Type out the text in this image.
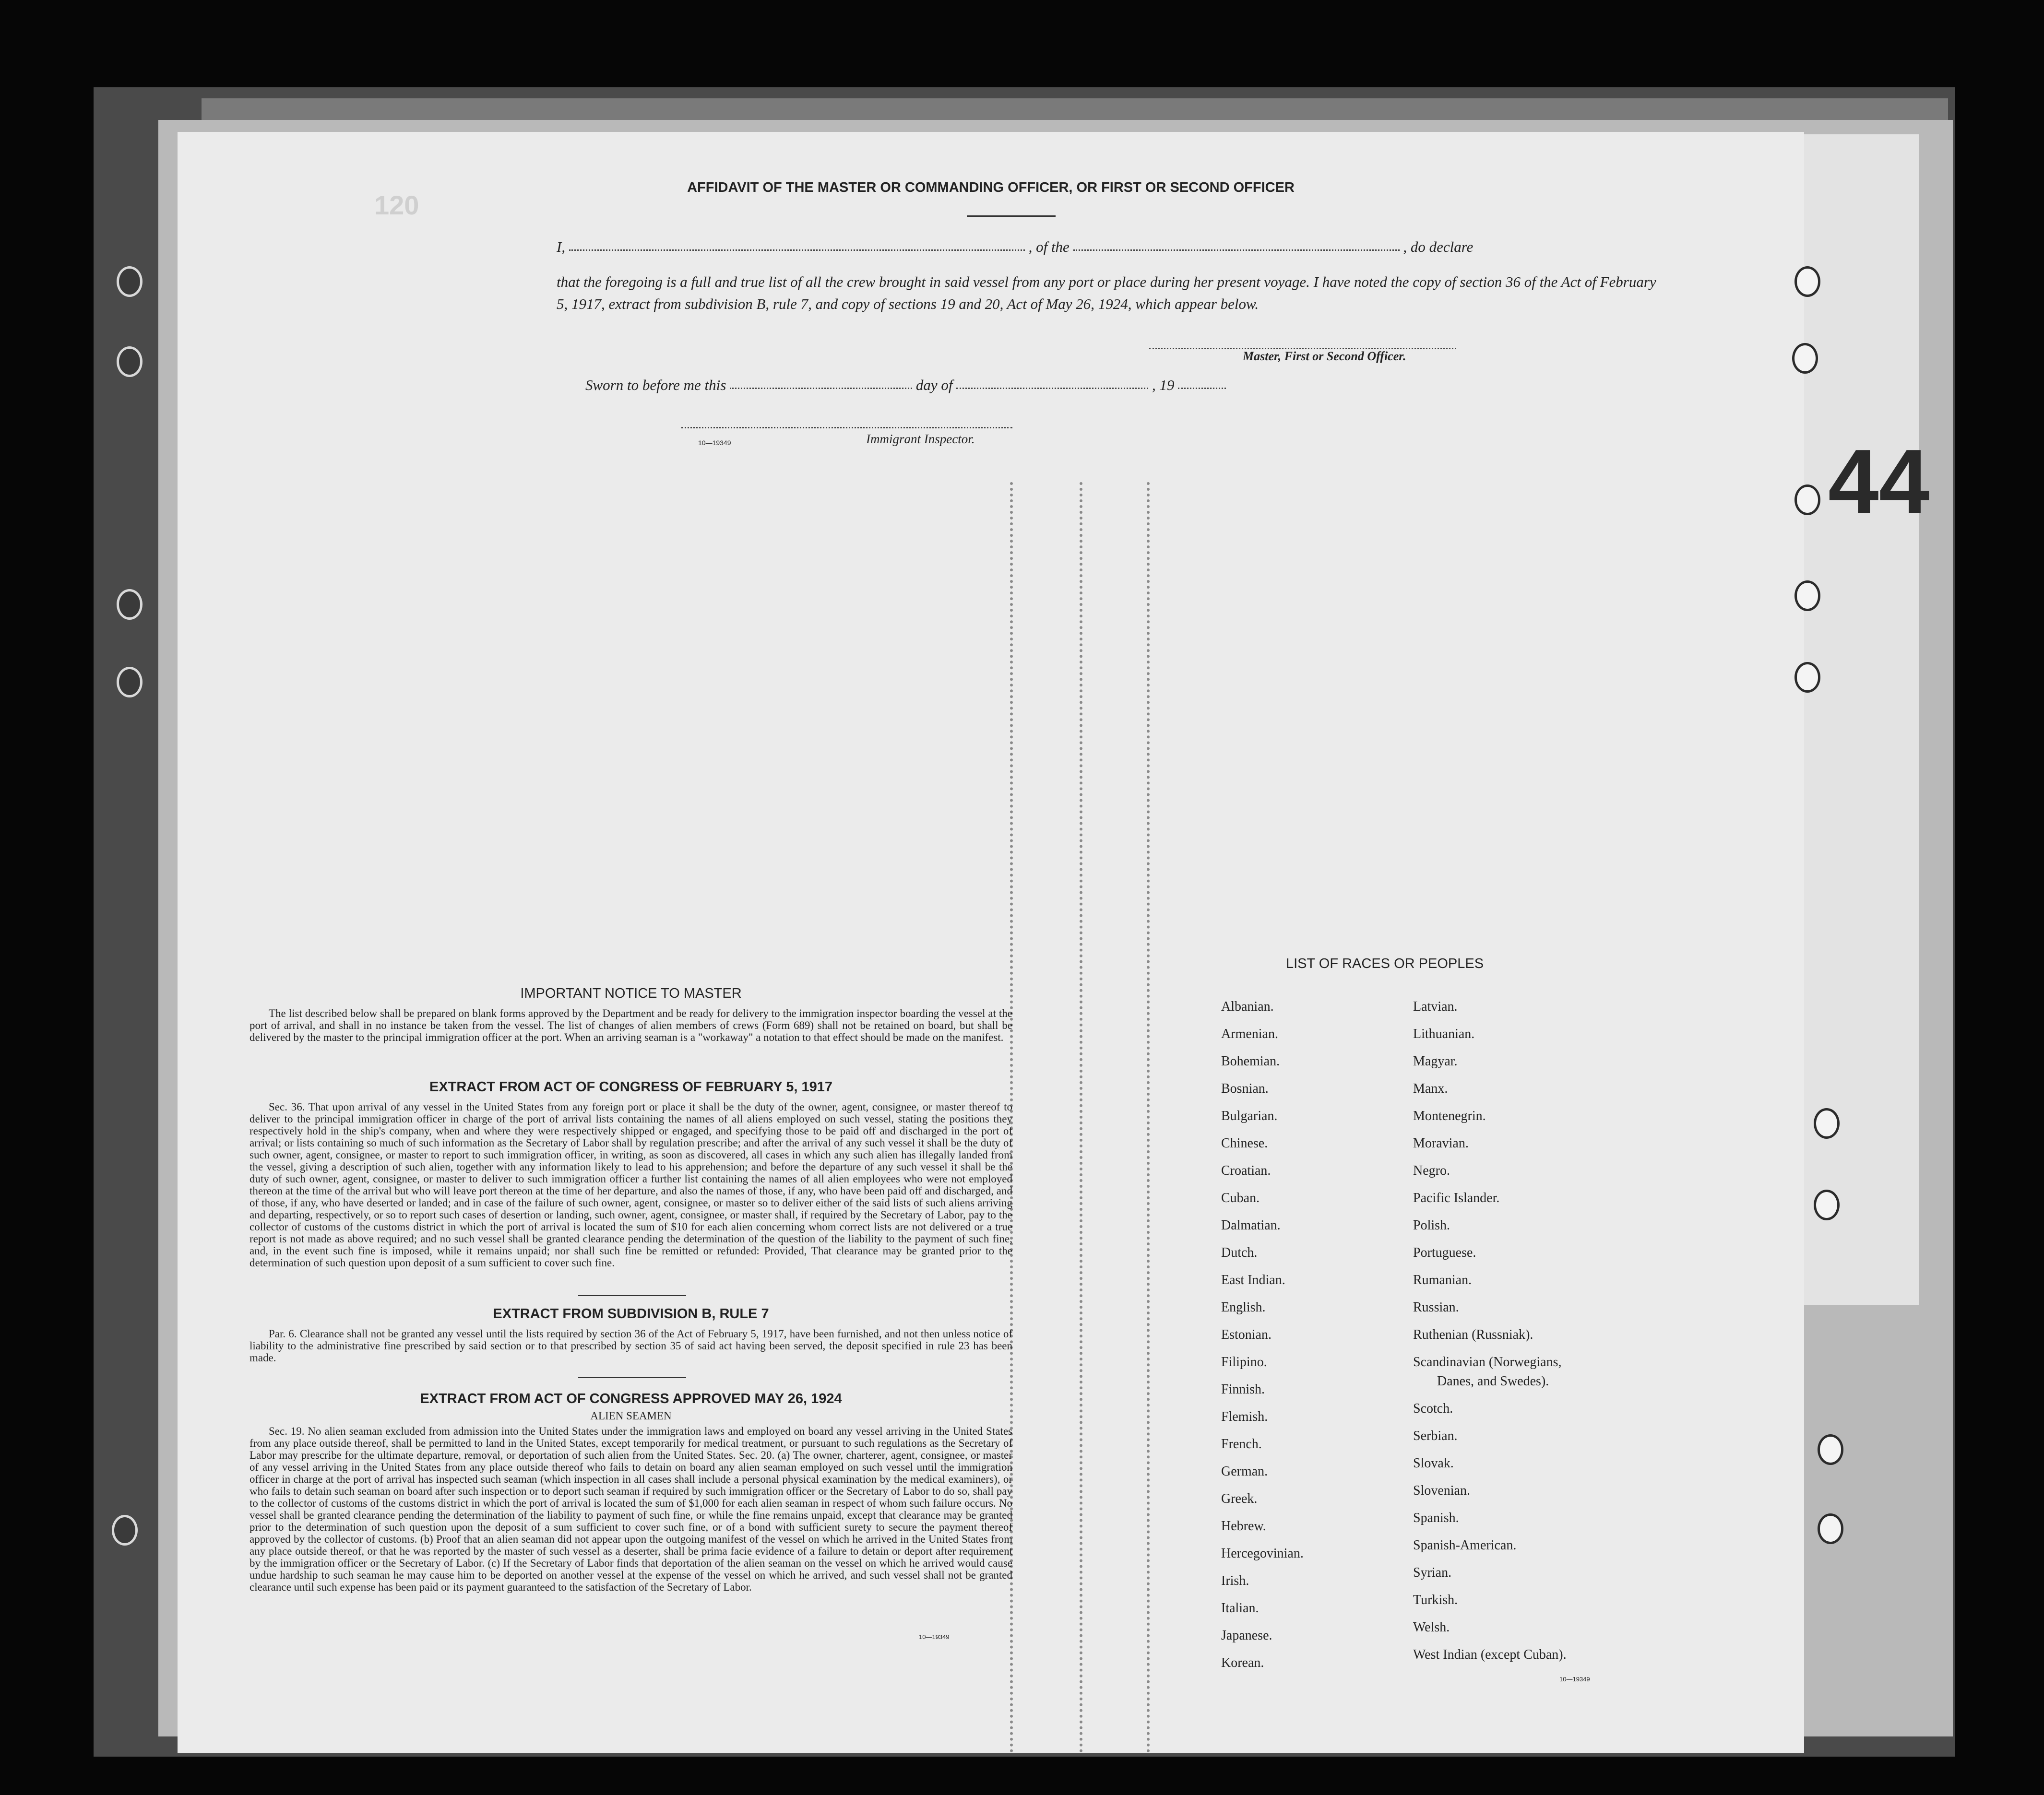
120
44
AFFIDAVIT OF THE MASTER OR COMMANDING OFFICER, OR FIRST OR SECOND OFFICER
I,	, of the	, do declare
that the foregoing is a full and true list of all the crew brought in said vessel from any port or place during her present voyage. I have noted the copy of section 36 of the Act of February 5, 1917, extract from subdivision B, rule 7, and copy of sections 19 and 20, Act of May 26, 1924, which appear below.
Master, First or Second Officer.
Sworn to before me this	day of	, 19
10—19349	Immigrant Inspector.
IMPORTANT NOTICE TO MASTER
The list described below shall be prepared on blank forms approved by the Department and be ready for delivery to the immigration inspector boarding the vessel at the port of arrival, and shall in no instance be taken from the vessel. The list of changes of alien members of crews (Form 689) shall not be retained on board, but shall be delivered by the master to the principal immigration officer at the port. When an arriving seaman is a "workaway" a notation to that effect should be made on the manifest.
EXTRACT FROM ACT OF CONGRESS OF FEBRUARY 5, 1917
Sec. 36. That upon arrival of any vessel in the United States from any foreign port or place it shall be the duty of the owner, agent, consignee, or master thereof to deliver to the principal immigration officer in charge of the port of arrival lists containing the names of all aliens employed on such vessel, stating the positions they respectively hold in the ship's company, when and where they were respectively shipped or engaged, and specifying those to be paid off and discharged in the port of arrival; or lists containing so much of such information as the Secretary of Labor shall by regulation prescribe; and after the arrival of any such vessel it shall be the duty of such owner, agent, consignee, or master to report to such immigration officer, in writing, as soon as discovered, all cases in which any such alien has illegally landed from the vessel, giving a description of such alien, together with any information likely to lead to his apprehension; and before the departure of any such vessel it shall be the duty of such owner, agent, consignee, or master to deliver to such immigration officer a further list containing the names of all alien employees who were not employed thereon at the time of the arrival but who will leave port thereon at the time of her departure, and also the names of those, if any, who have been paid off and discharged, and of those, if any, who have deserted or landed; and in case of the failure of such owner, agent, consignee, or master so to deliver either of the said lists of such aliens arriving and departing, respectively, or so to report such cases of desertion or landing, such owner, agent, consignee, or master shall, if required by the Secretary of Labor, pay to the collector of customs of the customs district in which the port of arrival is located the sum of $10 for each alien concerning whom correct lists are not delivered or a true report is not made as above required; and no such vessel shall be granted clearance pending the determination of the question of the liability to the payment of such fine, and, in the event such fine is imposed, while it remains unpaid; nor shall such fine be remitted or refunded: Provided, That clearance may be granted prior to the determination of such question upon deposit of a sum sufficient to cover such fine.
EXTRACT FROM SUBDIVISION B, RULE 7
Par. 6. Clearance shall not be granted any vessel until the lists required by section 36 of the Act of February 5, 1917, have been furnished, and not then unless notice of liability to the administrative fine prescribed by said section or to that prescribed by section 35 of said act having been served, the deposit specified in rule 23 has been made.
EXTRACT FROM ACT OF CONGRESS APPROVED MAY 26, 1924
ALIEN SEAMEN
Sec. 19. No alien seaman excluded from admission into the United States under the immigration laws and employed on board any vessel arriving in the United States from any place outside thereof, shall be permitted to land in the United States, except temporarily for medical treatment, or pursuant to such regulations as the Secretary of Labor may prescribe for the ultimate departure, removal, or deportation of such alien from the United States. Sec. 20. (a) The owner, charterer, agent, consignee, or master of any vessel arriving in the United States from any place outside thereof who fails to detain on board any alien seaman employed on such vessel until the immigration officer in charge at the port of arrival has inspected such seaman (which inspection in all cases shall include a personal physical examination by the medical examiners), or who fails to detain such seaman on board after such inspection or to deport such seaman if required by such immigration officer or the Secretary of Labor to do so, shall pay to the collector of customs of the customs district in which the port of arrival is located the sum of $1,000 for each alien seaman in respect of whom such failure occurs. No vessel shall be granted clearance pending the determination of the liability to payment of such fine, or while the fine remains unpaid, except that clearance may be granted prior to the determination of such question upon the deposit of a sum sufficient to cover such fine, or of a bond with sufficient surety to secure the payment thereof approved by the collector of customs. (b) Proof that an alien seaman did not appear upon the outgoing manifest of the vessel on which he arrived in the United States from any place outside thereof, or that he was reported by the master of such vessel as a deserter, shall be prima facie evidence of a failure to detain or deport after requirement by the immigration officer or the Secretary of Labor. (c) If the Secretary of Labor finds that deportation of the alien seaman on the vessel on which he arrived would cause undue hardship to such seaman he may cause him to be deported on another vessel at the expense of the vessel on which he arrived, and such vessel shall not be granted clearance until such expense has been paid or its payment guaranteed to the satisfaction of the Secretary of Labor.
10—19349
LIST OF RACES OR PEOPLES
Albanian.
Armenian.
Bohemian.
Bosnian.
Bulgarian.
Chinese.
Croatian.
Cuban.
Dalmatian.
Dutch.
East Indian.
English.
Estonian.
Filipino.
Finnish.
Flemish.
French.
German.
Greek.
Hebrew.
Hercegovinian.
Irish.
Italian.
Japanese.
Korean.
Latvian.
Lithuanian.
Magyar.
Manx.
Montenegrin.
Moravian.
Negro.
Pacific Islander.
Polish.
Portuguese.
Rumanian.
Russian.
Ruthenian (Russniak).
Scandinavian (Norwegians,
Danes, and Swedes).
Scotch.
Serbian.
Slovak.
Slovenian.
Spanish.
Spanish-American.
Syrian.
Turkish.
Welsh.
West Indian (except Cuban).
10—19349
